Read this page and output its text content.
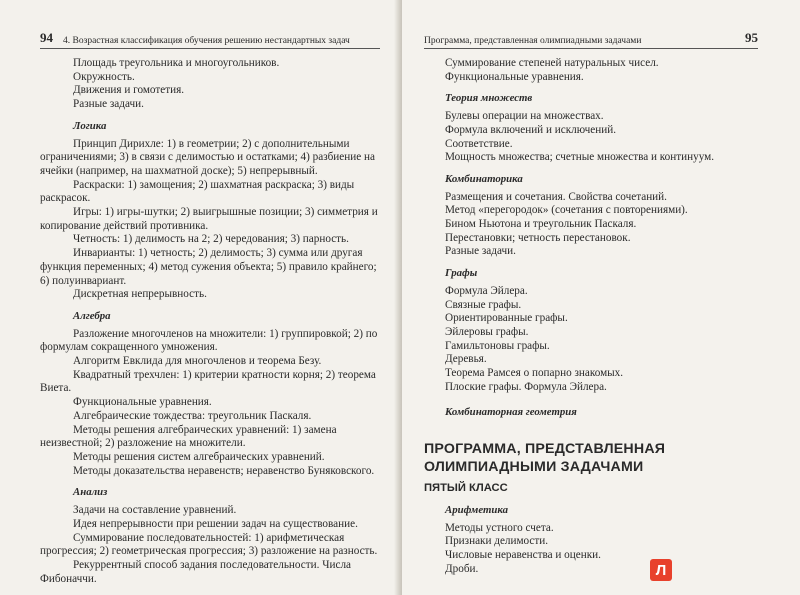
94 4. Возрастная классификация обучения решению нестандартных задач

Площадь треугольника и многоугольников.

Окружность.

Движения и гомотетия.

Разные задачи.

Логика

Принцип Дирихле: 1) в геометрии; 2) с дополнительными ограничениями; 3) в связи с делимостью и остатками; 4) разбиение на ячейки (например, на шахматной доске); 5) непрерывный.

Раскраски: 1) замощения; 2) шахматная раскраска; 3) виды раскрасок.

Игры: 1) игры-шутки; 2) выигрышные позиции; 3) симметрия и копирование действий противника.

Четность: 1) делимость на 2; 2) чередования; 3) парность.

Инварианты: 1) четность; 2) делимость; 3) сумма или другая функция переменных; 4) метод сужения объекта; 5) правило крайнего; 6) полуинвариант.

Дискретная непрерывность.

Алгебра

Разложение многочленов на множители: 1) группировкой; 2) по формулам сокращенного умножения.

Алгоритм Евклида для многочленов и теорема Безу.

Квадратный трехчлен: 1) критерии кратности корня; 2) теорема Виета.

Функциональные уравнения.

Алгебраические тождества: треугольник Паскаля.

Методы решения алгебраических уравнений: 1) замена неизвестной; 2) разложение на множители.

Методы решения систем алгебраических уравнений.

Методы доказательства неравенств; неравенство Буняковского.

Анализ

Задачи на составление уравнений.

Идея непрерывности при решении задач на существование.

Суммирование последовательностей: 1) арифметическая прогрессия; 2) геометрическая прогрессия; 3) разложение на разность.

Рекуррентный способ задания последовательности. Числа Фибоначчи.

Программа, представленная олимпиадными задачами	95

Суммирование степеней натуральных чисел.

Функциональные уравнения.

Теория множеств

Булевы операции на множествах.

Формула включений и исключений.

Соответствие.

Мощность множества; счетные множества и континуум.

Комбинаторика

Размещения и сочетания. Свойства сочетаний.

Метод «перегородок» (сочетания с повторениями).

Бином Ньютона и треугольник Паскаля.

Перестановки; четность перестановок.

Разные задачи.

Графы

Формула Эйлера.

Связные графы.

Ориентированные графы.

Эйлеровы графы.

Гамильтоновы графы.

Деревья.

Теорема Рамсея о попарно знакомых.

Плоские графы. Формула Эйлера.

Комбинаторная геометрия
ПРОГРАММА, ПРЕДСТАВЛЕННАЯ ОЛИМПИАДНЫМИ ЗАДАЧАМИ
ПЯТЫЙ КЛАСС
Арифметика

Методы устного счета.

Признаки делимости.

Числовые неравенства и оценки.

Дроби.	Л
